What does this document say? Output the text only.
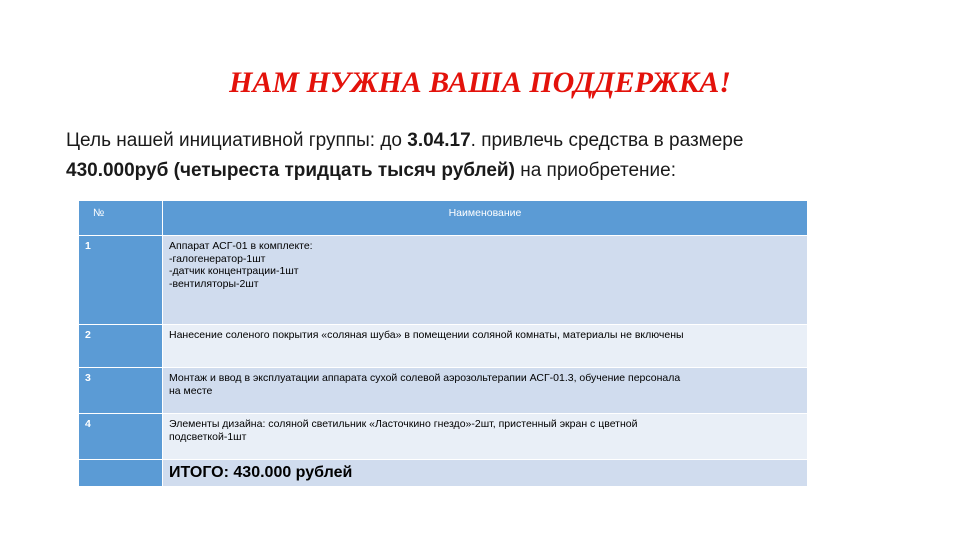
НАМ НУЖНА ВАША ПОДДЕРЖКА!
Цель нашей инициативной группы: до 3.04.17. привлечь средства в размере
430.000руб (четыреста тридцать тысяч рублей) на приобретение:
№	Наименование
1	Аппарат АСГ-01 в комплекте:
-галогенератор-1шт
-датчик концентрации-1шт
-вентиляторы-2шт

2	Нанесение соленого покрытия «соляная шуба» в помещении соляной комнаты, материалы не включены

3	Монтаж и ввод в эксплуатации аппарата сухой солевой аэрозольтерапии АСГ-01.3, обучение персонала
на месте

4	Элементы дизайна: соляной светильник «Ласточкино гнездо»-2шт, пристенный экран с цветной
подсветкой-1шт

	ИТОГО: 430.000 рублей
